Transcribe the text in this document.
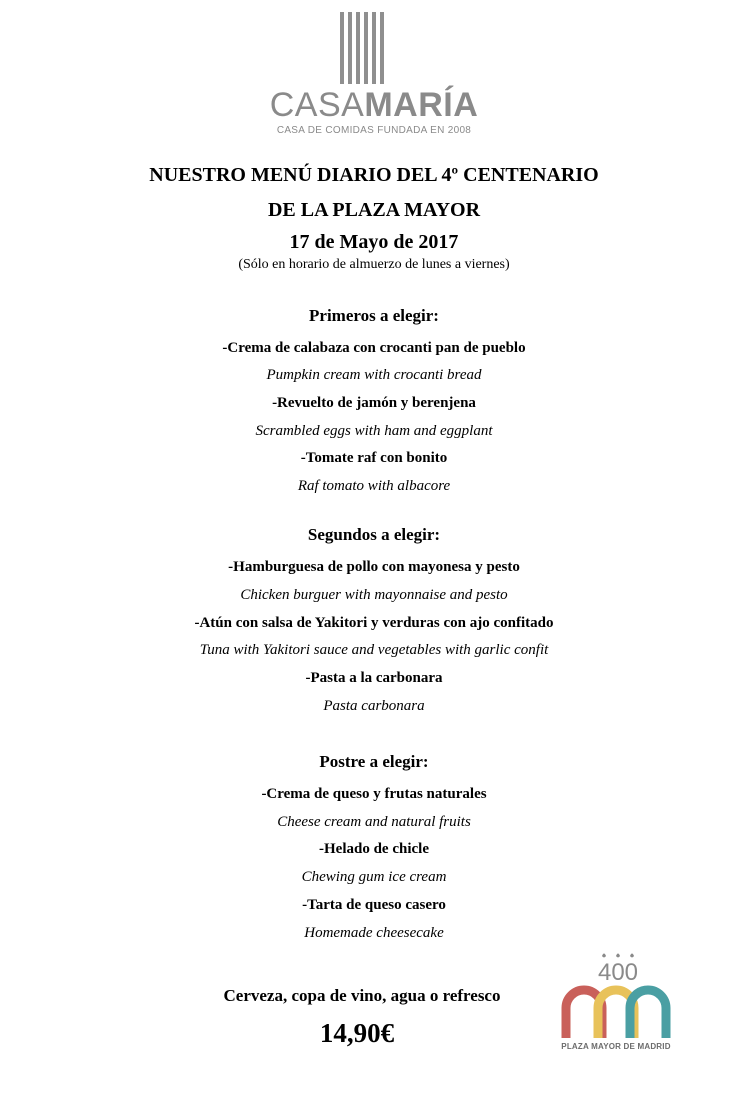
CASAMARÍA
CASA DE COMIDAS FUNDADA EN 2008
NUESTRO MENÚ DIARIO DEL 4º CENTENARIO
DE LA PLAZA MAYOR
17 de Mayo de 2017
(Sólo en horario de almuerzo de lunes a viernes)
Primeros a elegir:
-Crema de calabaza con crocanti pan de pueblo
Pumpkin cream with crocanti bread
-Revuelto de jamón y berenjena
Scrambled eggs with ham and eggplant
-Tomate raf con bonito
Raf tomato with albacore
Segundos a elegir:
-Hamburguesa de pollo con mayonesa y pesto
Chicken burguer with mayonnaise and pesto
-Atún con salsa de Yakitori y verduras con ajo confitado
Tuna with Yakitori sauce and vegetables with garlic confit
-Pasta a la carbonara
Pasta carbonara
Postre a elegir:
-Crema de queso y frutas naturales
Cheese cream and natural fruits
-Helado de chicle
Chewing gum ice cream
-Tarta de queso casero
Homemade cheesecake
Cerveza, copa de vino, agua o refresco
14,90€
400
PLAZA MAYOR DE MADRID
